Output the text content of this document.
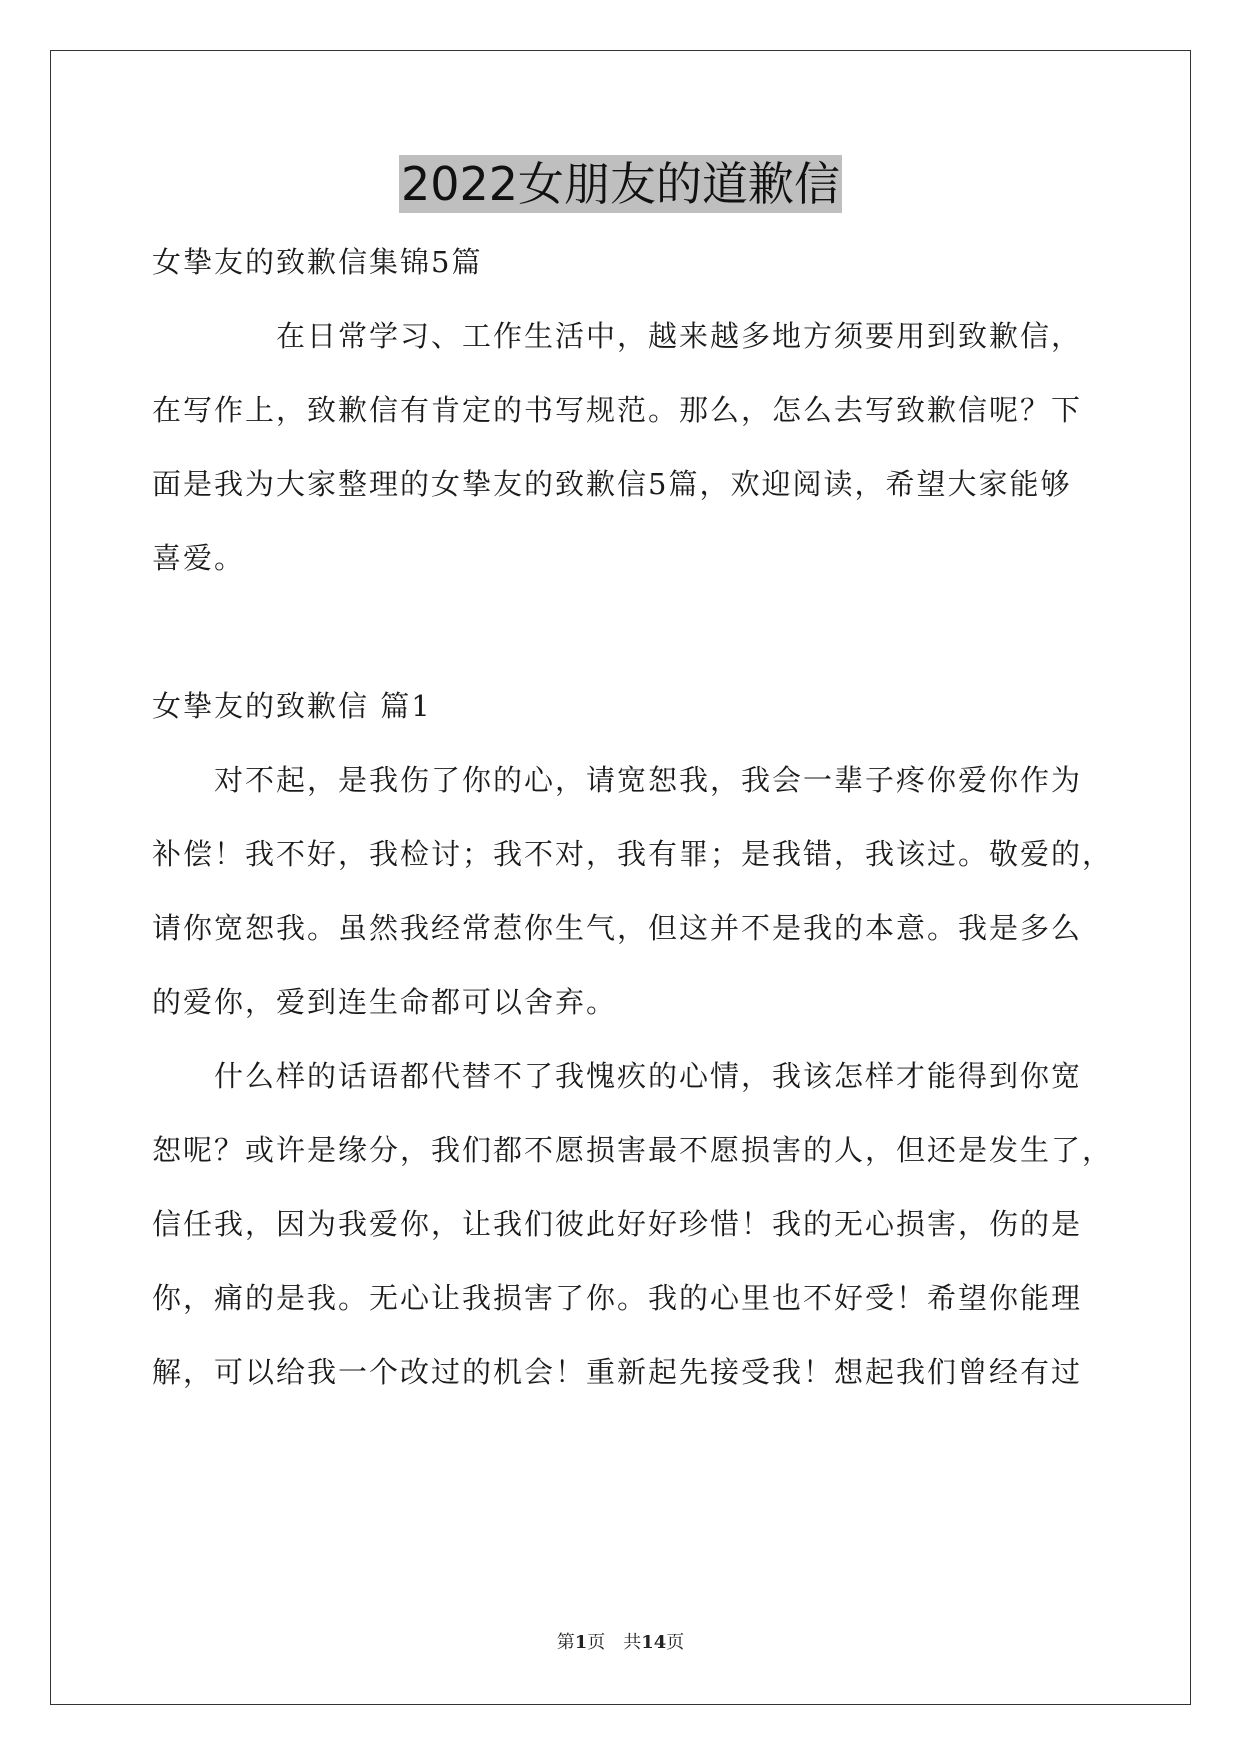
2022女朋友的道歉信
女挚友的致歉信集锦5篇
在日常学习、工作生活中，越来越多地方须要用到致歉信，
在写作上，致歉信有肯定的书写规范。那么，怎么去写致歉信呢？下
面是我为大家整理的女挚友的致歉信5篇，欢迎阅读，希望大家能够
喜爱。
女挚友的致歉信 篇1
对不起，是我伤了你的心，请宽恕我，我会一辈子疼你爱你作为
补偿！我不好，我检讨；我不对，我有罪；是我错，我该过。敬爱的，
请你宽恕我。虽然我经常惹你生气，但这并不是我的本意。我是多么
的爱你，爱到连生命都可以舍弃。
什么样的话语都代替不了我愧疚的心情，我该怎样才能得到你宽
恕呢？或许是缘分，我们都不愿损害最不愿损害的人，但还是发生了，
信任我，因为我爱你，让我们彼此好好珍惜！我的无心损害，伤的是
你，痛的是我。无心让我损害了你。我的心里也不好受！希望你能理
解，可以给我一个改过的机会！重新起先接受我！想起我们曾经有过
第1页　共14页
